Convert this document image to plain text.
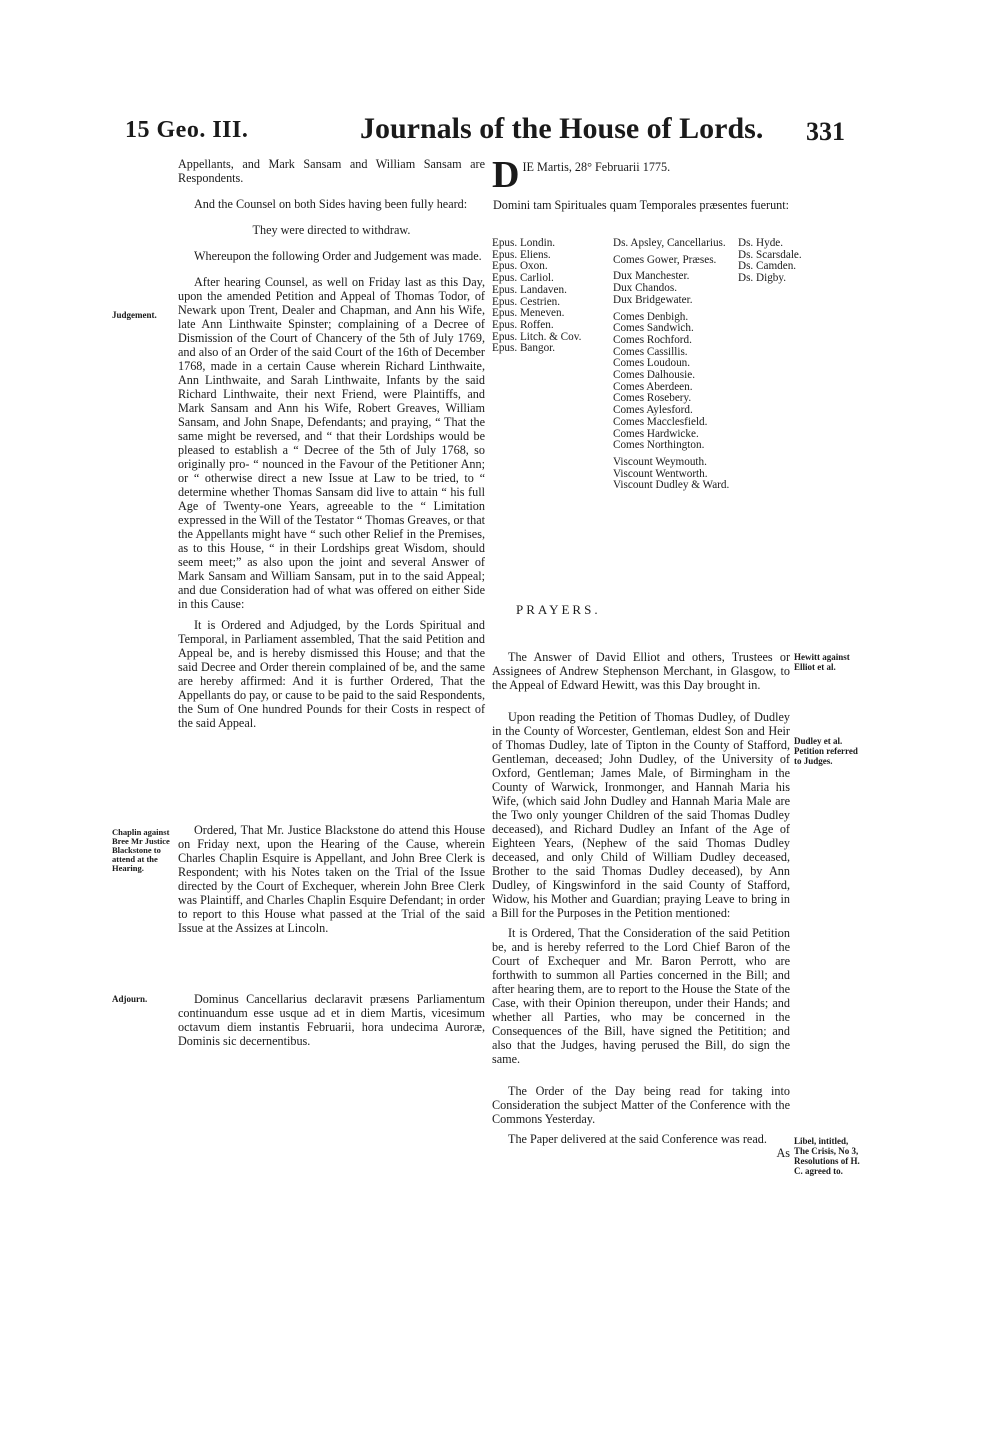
15 Geo. III.	Journals of the House of Lords. 331

Appellants, and Mark Sansam and William Sansam are Respondents.

And the Counsel on both Sides having been fully heard:

They were directed to withdraw.

Whereupon the following Order and Judgement was made.

After hearing Counsel, as well on Friday last as this Day, upon the amended Petition and Appeal of Thomas Todor, of Newark upon Trent, Dealer and Chapman, and Ann his Wife, late Ann Linthwaite Spinster; complaining of a Decree of Dismission of the Court of Chancery of the 5th of July 1769, and also of an Order of the said Court of the 16th of December 1768, made in a certain Cause wherein Richard Linthwaite, Ann Linthwaite, and Sarah Linthwaite, Infants by the said Richard Linthwaite, their next Friend, were Plaintiffs, and Mark Sansam and Ann his Wife, Robert Greaves, William Sansam, and John Snape, Defendants; and praying, “ That the same might be reversed, and “ that their Lordships would be pleased to establish a “ Decree of the 5th of July 1768, so originally pro- “ nounced in the Favour of the Petitioner Ann; or “ otherwise direct a new Issue at Law to be tried, to “ determine whether Thomas Sansam did live to attain “ his full Age of Twenty-one Years, agreeable to the “ Limitation expressed in the Will of the Testator “ Thomas Greaves, or that the Appellants might have “ such other Relief in the Premises, as to this House, “ in their Lordships great Wisdom, should seem meet;” as also upon the joint and several Answer of Mark Sansam and William Sansam, put in to the said Appeal; and due Consideration had of what was offered on either Side in this Cause:

It is Ordered and Adjudged, by the Lords Spiritual and Temporal, in Parliament assembled, That the said Petition and Appeal be, and is hereby dismissed this House; and that the said Decree and Order therein complained of be, and the same are hereby affirmed: And it is further Ordered, That the Appellants do pay, or cause to be paid to the said Respondents, the Sum of One hundred Pounds for their Costs in respect of the said Appeal.

Ordered, That Mr. Justice Blackstone do attend this House on Friday next, upon the Hearing of the Cause, wherein Charles Chaplin Esquire is Appellant, and John Bree Clerk is Respondent; with his Notes taken on the Trial of the Issue directed by the Court of Exchequer, wherein John Bree Clerk was Plaintiff, and Charles Chaplin Esquire Defendant; in order to report to this House what passed at the Trial of the said Issue at the Assizes at Lincoln.

Dominus Cancellarius declaravit præsens Parliamentum continuandum esse usque ad et in diem Martis, vicesimum octavum diem instantis Februarii, hora undecima Auroræ, Dominis sic decernentibus.

Judgement.
Chaplin against Bree Mr Justice Blackstone to attend at the Hearing.
Adjourn.
D IE Martis, 28° Februarii 1775.
Domini tam Spirituales quam Temporales præsentes fuerunt:
Epus. Londin.
Epus. Eliens.
Epus. Oxon.
Epus. Carliol.
Epus. Landaven.
Epus. Cestrien.
Epus. Meneven.
Epus. Roffen.
Epus. Litch. & Cov.
Epus. Bangor.
Ds. Apsley, Cancellarius.
Comes Gower, Præses.
Dux Manchester.
Dux Chandos.
Dux Bridgewater.
Comes Denbigh.
Comes Sandwich.
Comes Rochford.
Comes Cassillis.
Comes Loudoun.
Comes Dalhousie.
Comes Aberdeen.
Comes Rosebery.
Comes Aylesford.
Comes Macclesfield.
Comes Hardwicke.
Comes Northington.
Viscount Weymouth.
Viscount Wentworth.
Viscount Dudley & Ward.
Ds. Hyde.
Ds. Scarsdale.
Ds. Camden.
Ds. Digby.
PRAYERS.

The Answer of David Elliot and others, Trustees or Assignees of Andrew Stephenson Merchant, in Glasgow, to the Appeal of Edward Hewitt, was this Day brought in.

Upon reading the Petition of Thomas Dudley, of Dudley in the County of Worcester, Gentleman, eldest Son and Heir of Thomas Dudley, late of Tipton in the County of Stafford, Gentleman, deceased; John Dudley, of the University of Oxford, Gentleman; James Male, of Birmingham in the County of Warwick, Ironmonger, and Hannah Maria his Wife, (which said John Dudley and Hannah Maria Male are the Two only younger Children of the said Thomas Dudley deceased), and Richard Dudley an Infant of the Age of Eighteen Years, (Nephew of the said Thomas Dudley deceased, and only Child of William Dudley deceased, Brother to the said Thomas Dudley deceased), by Ann Dudley, of Kingswinford in the said County of Stafford, Widow, his Mother and Guardian; praying Leave to bring in a Bill for the Purposes in the Petition mentioned:

It is Ordered, That the Consideration of the said Petition be, and is hereby referred to the Lord Chief Baron of the Court of Exchequer and Mr. Baron Perrott, who are forthwith to summon all Parties concerned in the Bill; and after hearing them, are to report to the House the State of the Case, with their Opinion thereupon, under their Hands; and whether all Parties, who may be concerned in the Consequences of the Bill, have signed the Petitition; and also that the Judges, having perused the Bill, do sign the same.

The Order of the Day being read for taking into Consideration the subject Matter of the Conference with the Commons Yesterday.

The Paper delivered at the said Conference was read.

As

Hewitt against Elliot et al.
Dudley et al. Petition referred to Judges.
Libel, intitled, The Crisis, No 3, Resolutions of H. C. agreed to.
